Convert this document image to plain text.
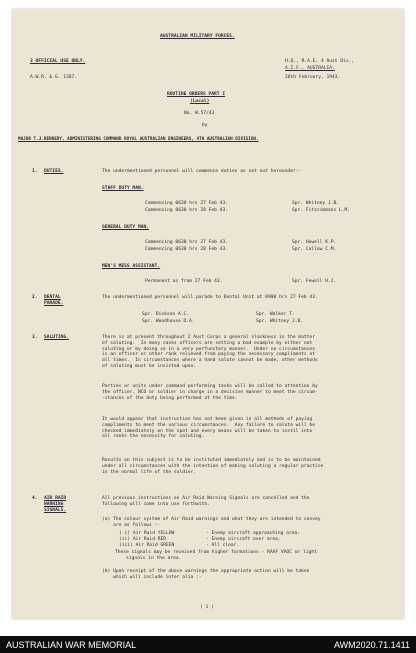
AUSTRALIAN MILITARY FORCES.
3 OFFICIAL USE ONLY.	H.Q., R.A.E. 4 Aust Div.,
A.I.F., AUSTRALIA.
A.W.R. & G. 1387.	26th February, 1943.
ROUTINE ORDERS PART I
(Local)
No. W.57/43
by
MAJOR T.J.KENNEDY, ADMINISTERING COMMAND ROYAL AUSTRALIAN ENGINEERS, 4TH AUSTRALIAN DIVISION.
1. DUTIES.	The undermentioned personnel will commence duties as set out hereunder:-
STAFF DUTY MAN.
Commencing 0630 hrs 27 Feb 43.	Spr. Whitney J.B.
Commencing 0630 hrs 28 Feb 43.	Spr. Fitzsimmons L.M.
GENERAL DUTY MAN.
Commencing 0630 hrs 27 Feb 43.	Spr. Howell K.P.
Commencing 0630 hrs 28 Feb 43.	Spr. Callow C.M.
MEN'S MESS ASSISTANT.
Permanent as from 27 Feb 43.	Spr. Fewell H.J.
2. DENTAL
PARADE.
The undermentioned personnel will parade to Dental Unit at 0900 hrs 27 Feb 43.
Spr. Dickson A.C.	Spr. Walker T.
Spr. Woodhouse D.A.	Spr. Whitney J.B.
3. SALUTING.	There is at present throughout 2 Aust Corps a general slackness in the matter
of saluting.  In many cases officers are setting a bad example by either not
saluting or by doing so in a very perfunctory manner.  Under no circumstances
is an officer or other rank relieved from paying the necessary compliments at
all times.  In circumstances where a hand salute cannot be made, other methods
of saluting must be insisted upon.
Parties or units under command performing tasks will be called to attention by
the officer, NCO or soldier in charge in a decisive manner to meet the circum-
-stances of the duty being performed at the time.
It would appear that instruction has not been given in all methods of paying
compliments to meet the various circumstances.  Any failure to salute will be
checked immediately on the spot and every means will be taken to instil into
all ranks the necessity for saluting.
Results on this subject is to be instituted immediately and is to be maintained
under all circumstances with the intention of making saluting a regular practice
in the normal life of the soldier.
4. AIR RAID
WARNING
SIGNALS.
All previous instructions on Air Raid Warning Signals are cancelled and the
following will come into use forthwith.
(a) The colour system of Air Raid warnings and what they are intended to convey
are as follows :-
( i) Air Raid YELLOW	- Enemy aircraft approaching area.
(ii) Air Raid RED	- Enemy aircraft over area.
(iii) Air Raid GREEN	- All clear.
These signals may be received from higher formations - RAAF VAOC or light
signals in the area.
(b) Upon receipt of the above warnings the appropriate action will be taken
which will include inter alia :-
( 1 )
AUSTRALIAN WAR MEMORIAL	AWM2020.71.1411
